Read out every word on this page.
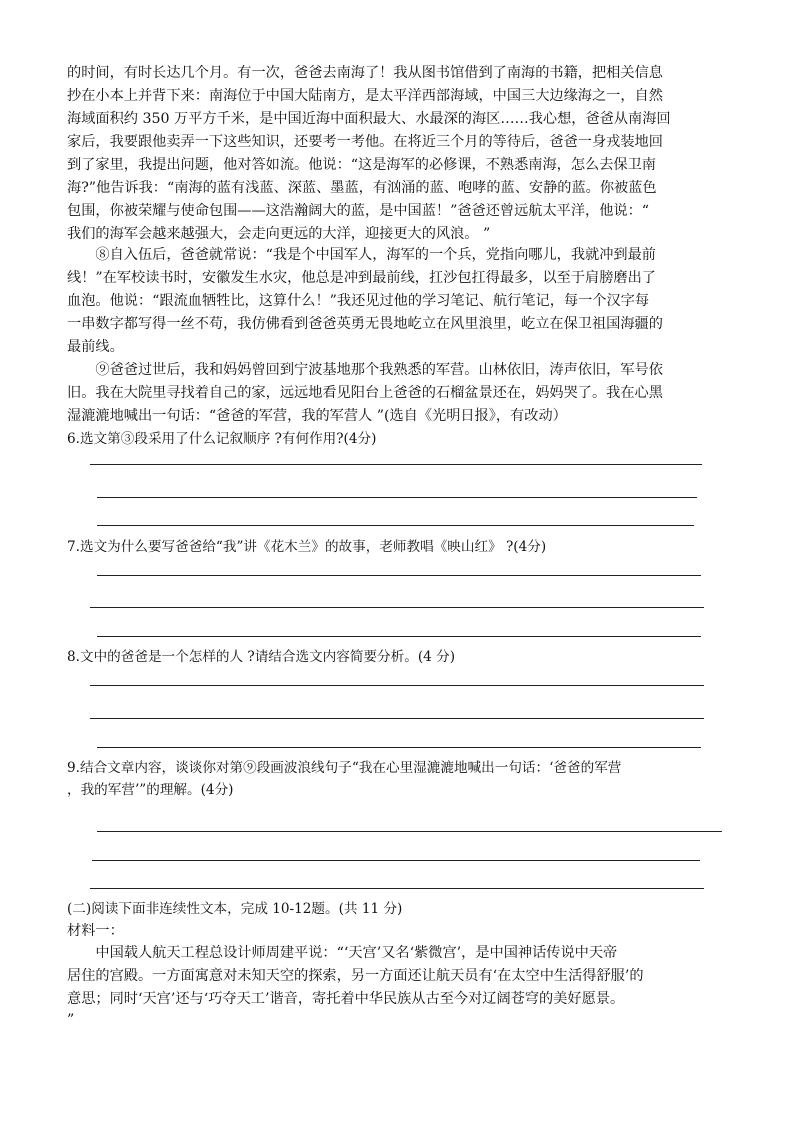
的时间，有时长达几个月。有一次，爸爸去南海了！我从图书馆借到了南海的书籍，把相关信息
抄在小本上并背下来：南海位于中国大陆南方，是太平洋西部海域，中国三大边缘海之一，自然
海域面积约 350 万平方千米，是中国近海中面积最大、水最深的海区……我心想，爸爸从南海回
家后，我要跟他卖弄一下这些知识，还要考一考他。在将近三个月的等待后，爸爸一身戎装地回
到了家里，我提出问题，他对答如流。他说：“这是海军的必修课，不熟悉南海，怎么去保卫南
海?”他告诉我：“南海的蓝有浅蓝、深蓝、墨蓝，有汹涌的蓝、咆哮的蓝、安静的蓝。你被蓝色
包围，你被荣耀与使命包围——这浩瀚阔大的蓝，是中国蓝！”爸爸还曾远航太平洋，他说：“
我们的海军会越来越强大，会走向更远的大洋，迎接更大的风浪。 ”
　　⑧自入伍后，爸爸就常说：“我是个中国军人，海军的一个兵，党指向哪儿，我就冲到最前
线！”在军校读书时，安徽发生水灾，他总是冲到最前线，扛沙包扛得最多，以至于肩膀磨出了
血泡。他说：“跟流血牺牲比，这算什么！”我还见过他的学习笔记、航行笔记，每一个汉字每
一串数字都写得一丝不苟，我仿佛看到爸爸英勇无畏地屹立在风里浪里，屹立在保卫祖国海疆的
最前线。
　　⑨爸爸过世后，我和妈妈曾回到宁波基地那个我熟悉的军营。山林依旧，涛声依旧，军号依
旧。我在大院里寻找着自己的家，远远地看见阳台上爸爸的石榴盆景还在，妈妈哭了。我在心黑
湿漉漉地喊出一句话：“爸爸的军营，我的军营人 ”(选自《光明日报》，有改动）
6.选文第③段采用了什么记叙顺序 ?有何作用?(4分)
7.选文为什么要写爸爸给“我”讲《花木兰》的故事，老师教唱《映山红》 ?(4分)
8.文中的爸爸是一个怎样的人 ?请结合选文内容简要分析。(4 分)
9.结合文章内容，谈谈你对第⑨段画波浪线句子“我在心里湿漉漉地喊出一句话：‘爸爸的军营
，我的军营’”的理解。(4分)
(二)阅读下面非连续性文本，完成 10-12题。(共 11 分)
材料一：
　　中国载人航天工程总设计师周建平说：“‘天宫’又名‘紫微宫’，是中国神话传说中天帝
居住的宫殿。一方面寓意对未知天空的探索，另一方面还让航天员有‘在太空中生活得舒服’的
意思；同时‘天宫’还与‘巧夺天工’谐音，寄托着中华民族从古至今对辽阔苍穹的美好愿景。
”
